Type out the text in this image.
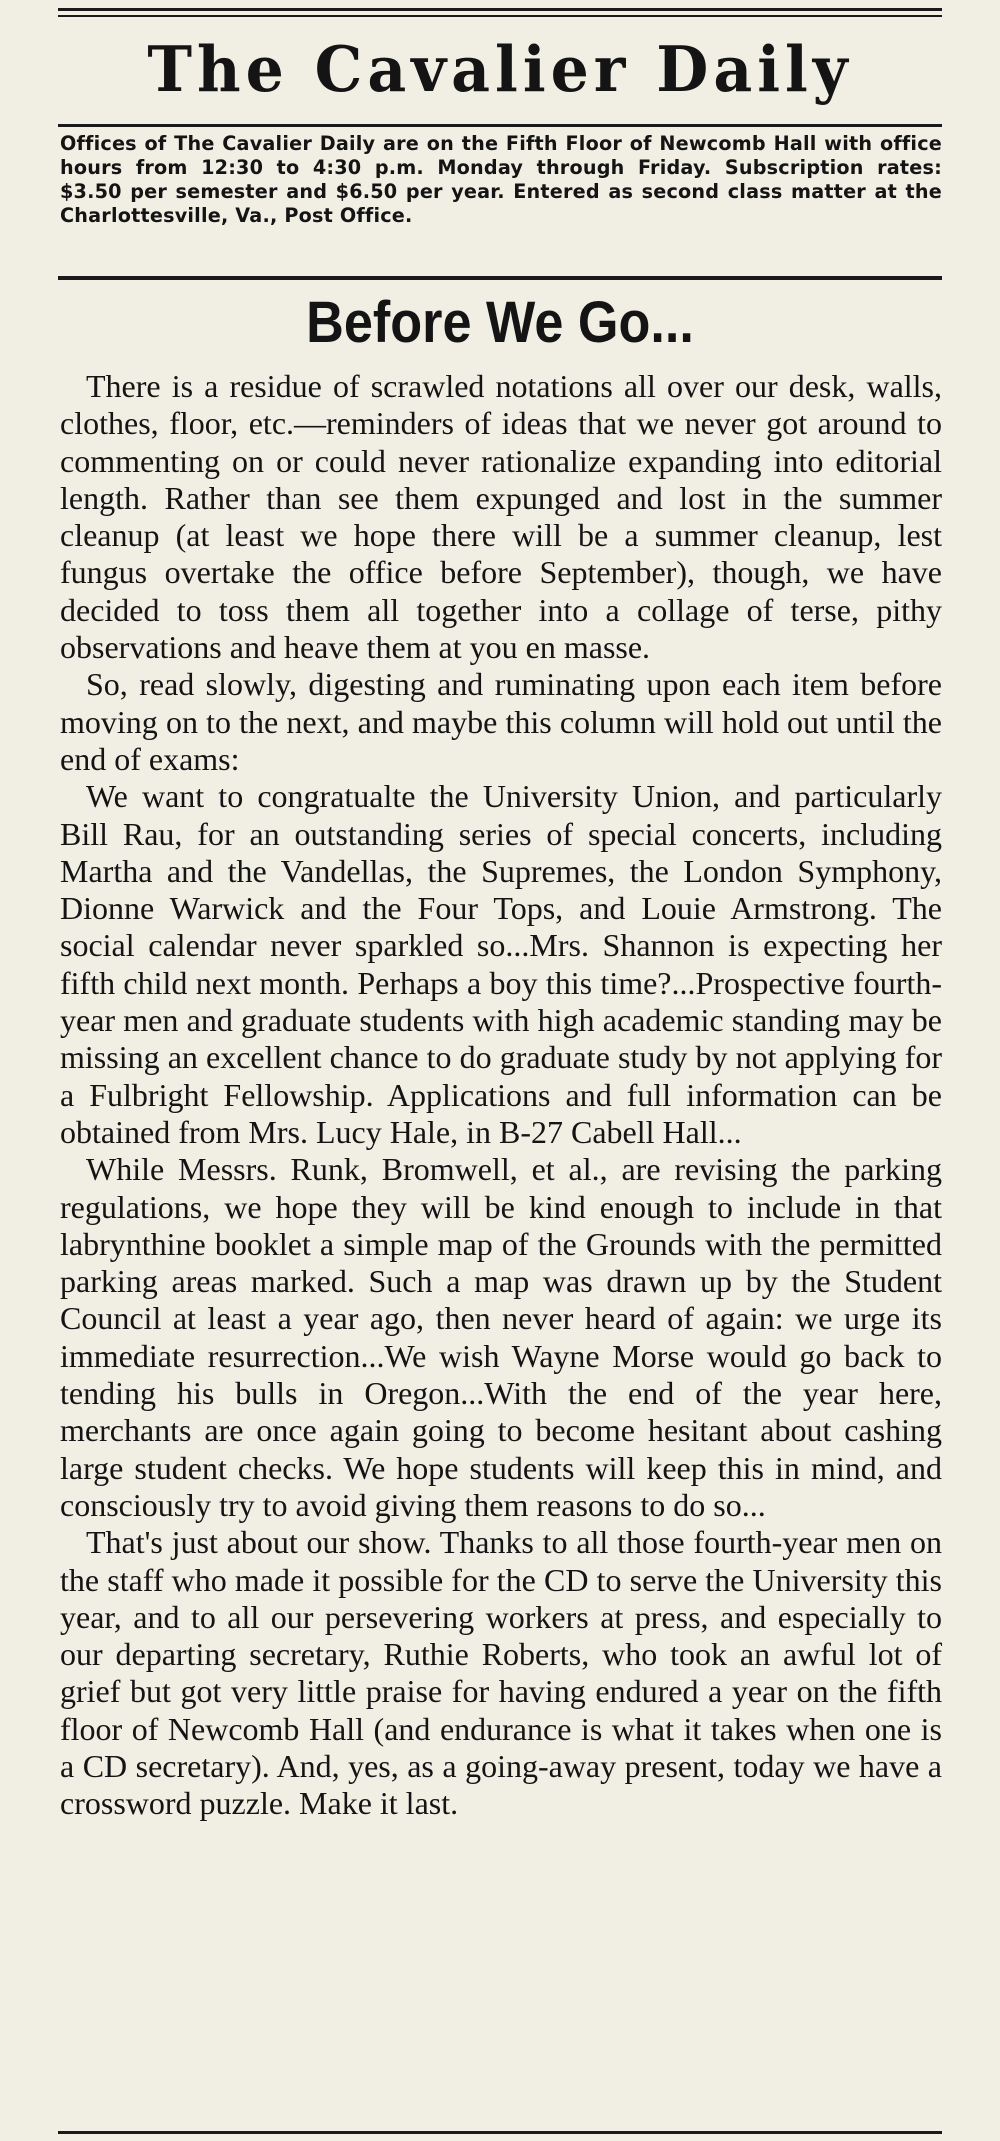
The Cavalier Daily
Offices of The Cavalier Daily are on the Fifth Floor of Newcomb Hall with office hours from 12:30 to 4:30 p.m. Monday through Friday. Subscription rates: $3.50 per semester and $6.50 per year. Entered as second class matter at the Charlottesville, Va., Post Office.
Before We Go...

There is a residue of scrawled notations all over our desk, walls, clothes, floor, etc.—reminders of ideas that we never got around to commenting on or could never rationalize expanding into editorial length. Rather than see them expunged and lost in the summer cleanup (at least we hope there will be a summer cleanup, lest fungus overtake the office before September), though, we have decided to toss them all together into a collage of terse, pithy observations and heave them at you en masse.

So, read slowly, digesting and ruminating upon each item before moving on to the next, and maybe this column will hold out until the end of exams:

We want to congratualte the University Union, and particularly Bill Rau, for an outstanding series of special concerts, including Martha and the Vandellas, the Supremes, the London Symphony, Dionne Warwick and the Four Tops, and Louie Armstrong. The social calendar never sparkled so...Mrs. Shannon is expecting her fifth child next month. Perhaps a boy this time?...Prospective fourth-year men and graduate students with high academic standing may be missing an excellent chance to do graduate study by not applying for a Fulbright Fellowship. Applications and full information can be obtained from Mrs. Lucy Hale, in B-27 Cabell Hall...

While Messrs. Runk, Bromwell, et al., are revising the parking regulations, we hope they will be kind enough to include in that labrynthine booklet a simple map of the Grounds with the permitted parking areas marked. Such a map was drawn up by the Student Council at least a year ago, then never heard of again: we urge its immediate resurrection...We wish Wayne Morse would go back to tending his bulls in Oregon...With the end of the year here, merchants are once again going to become hesitant about cashing large student checks. We hope students will keep this in mind, and consciously try to avoid giving them reasons to do so...

That's just about our show. Thanks to all those fourth-year men on the staff who made it possible for the CD to serve the University this year, and to all our persevering workers at press, and especially to our departing secretary, Ruthie Roberts, who took an awful lot of grief but got very little praise for having endured a year on the fifth floor of Newcomb Hall (and endurance is what it takes when one is a CD secretary). And, yes, as a going-away present, today we have a crossword puzzle. Make it last.
